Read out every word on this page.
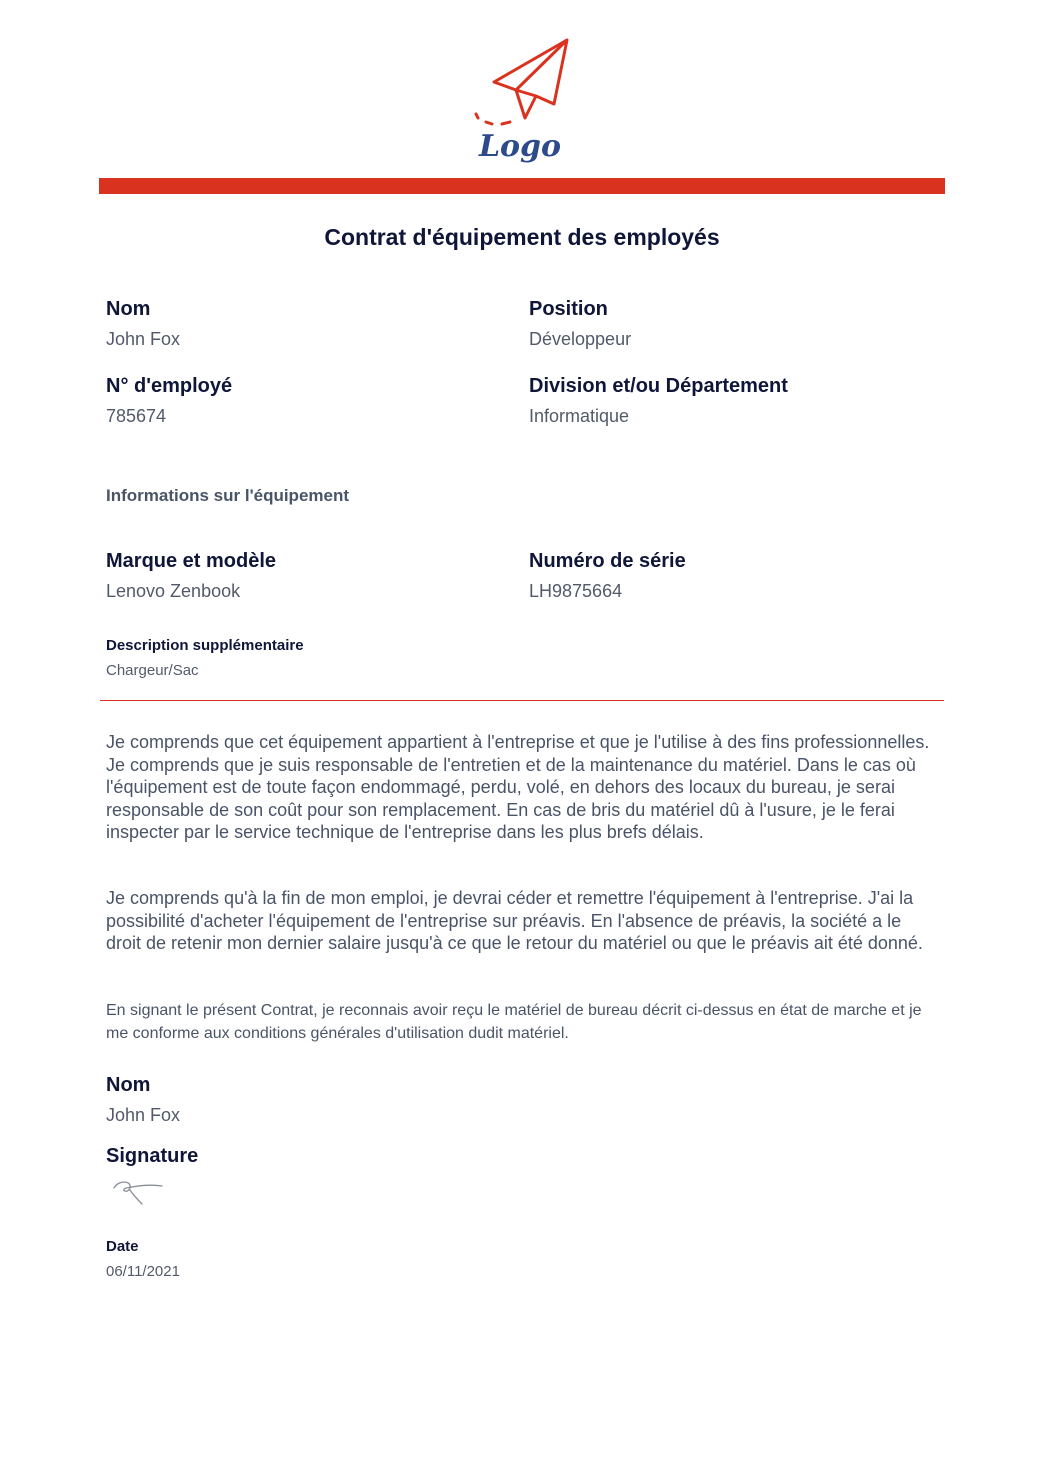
Logo
Contrat d'équipement des employés
Nom
John Fox
Position
Développeur
N° d'employé
785674
Division et/ou Département
Informatique
Informations sur l'équipement
Marque et modèle
Lenovo Zenbook
Numéro de série
LH9875664
Description supplémentaire
Chargeur/Sac

Je comprends que cet équipement appartient à l'entreprise et que je l'utilise à des fins professionnelles. Je comprends que je suis responsable de l'entretien et de la maintenance du matériel. Dans le cas où l'équipement est de toute façon endommagé, perdu, volé, en dehors des locaux du bureau, je serai responsable de son coût pour son remplacement. En cas de bris du matériel dû à l'usure, je le ferai inspecter par le service technique de l'entreprise dans les plus brefs délais.

Je comprends qu'à la fin de mon emploi, je devrai céder et remettre l'équipement à l'entreprise. J'ai la possibilité d'acheter l'équipement de l'entreprise sur préavis. En l'absence de préavis, la société a le droit de retenir mon dernier salaire jusqu'à ce que le retour du matériel ou que le préavis ait été donné.

En signant le présent Contrat, je reconnais avoir reçu le matériel de bureau décrit ci-dessus en état de marche et je me conforme aux conditions générales d'utilisation dudit matériel.

Nom
John Fox
Signature
Date
06/11/2021
